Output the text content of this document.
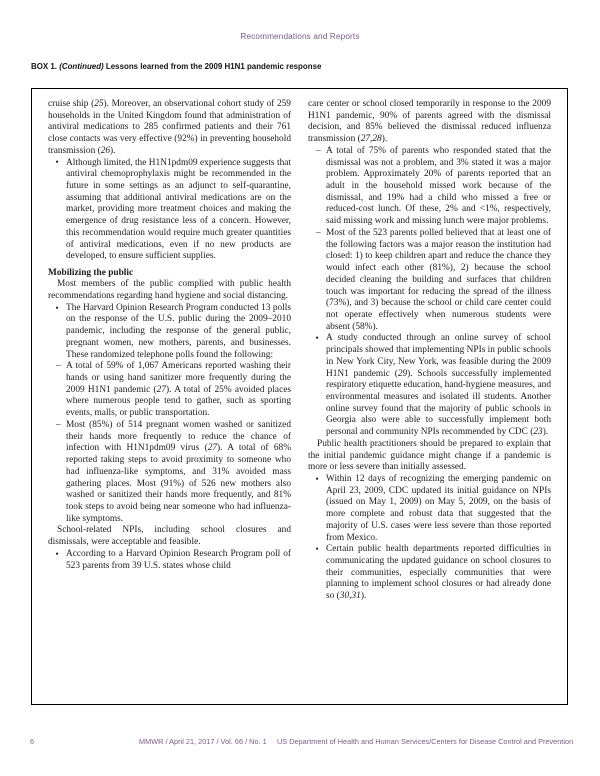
Recommendations and Reports
BOX 1. (Continued) Lessons learned from the 2009 H1N1 pandemic response

cruise ship (25). Moreover, an observational cohort study of 259 households in the United Kingdom found that administration of antiviral medications to 285 confirmed patients and their 761 close contacts was very effective (92%) in preventing household transmission (26).

• Although limited, the H1N1pdm09 experience suggests that antiviral chemoprophylaxis might be recommended in the future in some settings as an adjunct to self-quarantine, assuming that additional antiviral medications are on the market, providing more treatment choices and making the emergence of drug resistance less of a concern. However, this recommendation would require much greater quantities of antiviral medications, even if no new products are developed, to ensure sufficient supplies.
Mobilizing the public

Most members of the public complied with public health recommendations regarding hand hygiene and social distancing.

• The Harvard Opinion Research Program conducted 13 polls on the response of the U.S. public during the 2009–2010 pandemic, including the response of the general public, pregnant women, new mothers, parents, and businesses. These randomized telephone polls found the following:
– A total of 59% of 1,067 Americans reported washing their hands or using hand sanitizer more frequently during the 2009 H1N1 pandemic (27). A total of 25% avoided places where numerous people tend to gather, such as sporting events, malls, or public transportation.
– Most (85%) of 514 pregnant women washed or sanitized their hands more frequently to reduce the chance of infection with H1N1pdm09 virus (27). A total of 68% reported taking steps to avoid proximity to someone who had influenza-like symptoms, and 31% avoided mass gathering places. Most (91%) of 526 new mothers also washed or sanitized their hands more frequently, and 81% took steps to avoid being near someone who had influenza-like symptoms.

School-related NPIs, including school closures and dismissals, were acceptable and feasible.

• According to a Harvard Opinion Research Program poll of 523 parents from 39 U.S. states whose child

care center or school closed temporarily in response to the 2009 H1N1 pandemic, 90% of parents agreed with the dismissal decision, and 85% believed the dismissal reduced influenza transmission (27,28).

– A total of 75% of parents who responded stated that the dismissal was not a problem, and 3% stated it was a major problem. Approximately 20% of parents reported that an adult in the household missed work because of the dismissal, and 19% had a child who missed a free or reduced-cost lunch. Of these, 2% and <1%, respectively, said missing work and missing lunch were major problems.
– Most of the 523 parents polled believed that at least one of the following factors was a major reason the institution had closed: 1) to keep children apart and reduce the chance they would infect each other (81%), 2) because the school decided cleaning the building and surfaces that children touch was important for reducing the spread of the illness (73%), and 3) because the school or child care center could not operate effectively when numerous students were absent (58%).
• A study conducted through an online survey of school principals showed that implementing NPIs in public schools in New York City, New York, was feasible during the 2009 H1N1 pandemic (29). Schools successfully implemented respiratory etiquette education, hand-hygiene measures, and environmental measures and isolated ill students. Another online survey found that the majority of public schools in Georgia also were able to successfully implement both personal and community NPIs recommended by CDC (23).

Public health practitioners should be prepared to explain that the initial pandemic guidance might change if a pandemic is more or less severe than initially assessed.

• Within 12 days of recognizing the emerging pandemic on April 23, 2009, CDC updated its initial guidance on NPIs (issued on May 1, 2009) on May 5, 2009, on the basis of more complete and robust data that suggested that the majority of U.S. cases were less severe than those reported from Mexico.
• Certain public health departments reported difficulties in communicating the updated guidance on school closures to their communities, especially communities that were planning to implement school closures or had already done so (30,31).
6	MMWR / April 21, 2017 / Vol. 66 / No. 1 US Department of Health and Human Services/Centers for Disease Control and Prevention
